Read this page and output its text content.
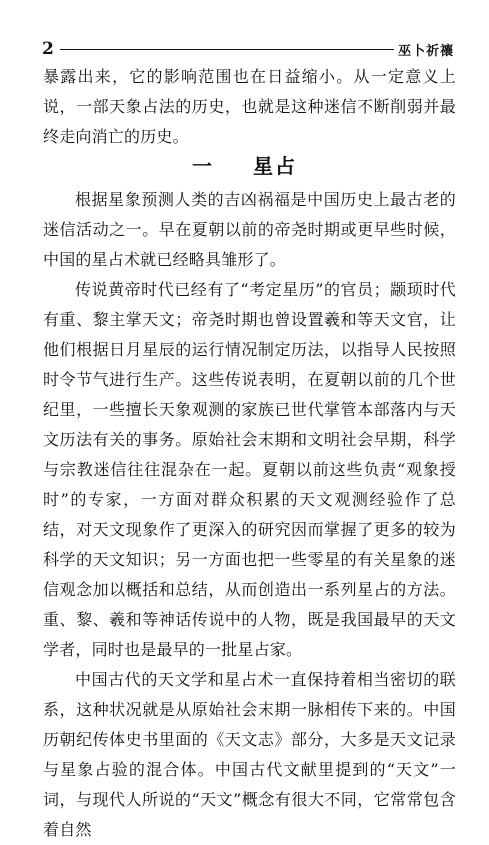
2	巫卜祈禳

暴露出来，它的影响范围也在日益缩小。从一定意义上说，一部天象占法的历史，也就是这种迷信不断削弱并最终走向消亡的历史。

一 星占

根据星象预测人类的吉凶祸福是中国历史上最古老的迷信活动之一。早在夏朝以前的帝尧时期或更早些时候，中国的星占术就已经略具雏形了。

传说黄帝时代已经有了“考定星历”的官员；颛顼时代有重、黎主掌天文；帝尧时期也曾设置羲和等天文官，让他们根据日月星辰的运行情况制定历法，以指导人民按照时令节气进行生产。这些传说表明，在夏朝以前的几个世纪里，一些擅长天象观测的家族已世代掌管本部落内与天文历法有关的事务。原始社会末期和文明社会早期，科学与宗教迷信往往混杂在一起。夏朝以前这些负责“观象授时”的专家，一方面对群众积累的天文观测经验作了总结，对天文现象作了更深入的研究因而掌握了更多的较为科学的天文知识；另一方面也把一些零星的有关星象的迷信观念加以概括和总结，从而创造出一系列星占的方法。重、黎、羲和等神话传说中的人物，既是我国最早的天文学者，同时也是最早的一批星占家。

中国古代的天文学和星占术一直保持着相当密切的联系，这种状况就是从原始社会末期一脉相传下来的。中国历朝纪传体史书里面的《天文志》部分，大多是天文记录与星象占验的混合体。中国古代文献里提到的“天文”一词，与现代人所说的“天文”概念有很大不同，它常常包含着自然
